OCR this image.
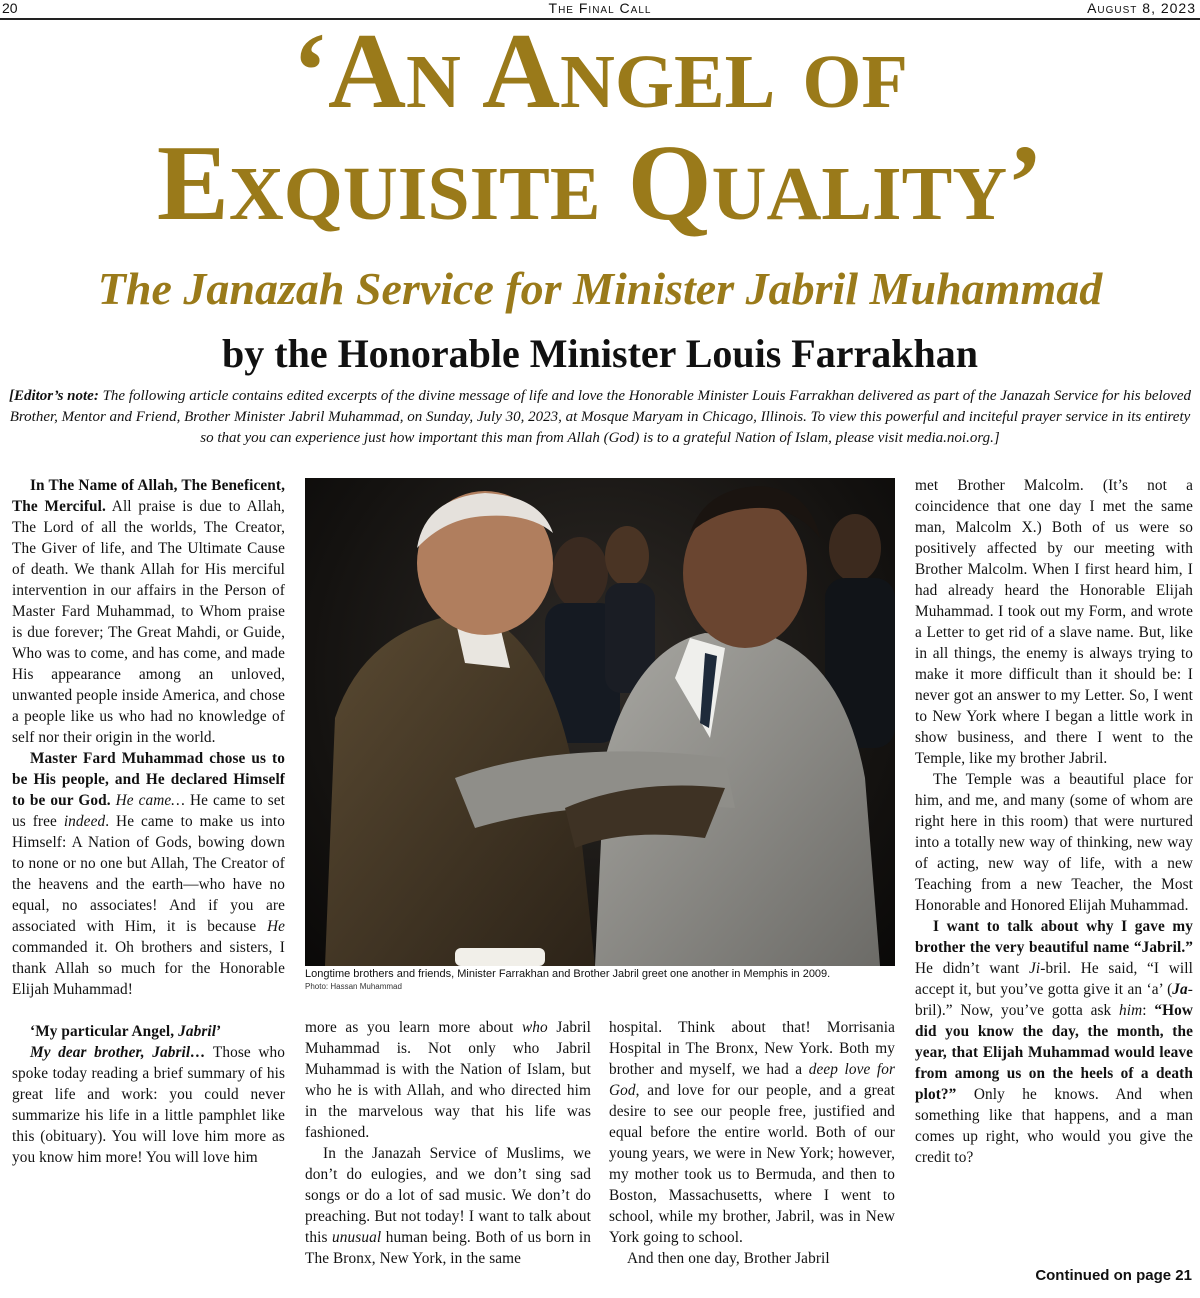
20	The Final Call	August 8, 2023
‘An Angel of
Exquisite Quality’
The Janazah Service for Minister Jabril Muhammad
by the Honorable Minister Louis Farrakhan
[Editor’s note: The following article contains edited excerpts of the divine message of life and love the Honorable Minister Louis Farrakhan delivered as part of the Janazah Service for his beloved Brother, Mentor and Friend, Brother Minister Jabril Muhammad, on Sunday, July 30, 2023, at Mosque Maryam in Chicago, Illinois. To view this powerful and inciteful prayer service in its entirety so that you can experience just how important this man from Allah (God) is to a grateful Nation of Islam, please visit media.noi.org.]

In The Name of Allah, The Beneficent, The Merciful. All praise is due to Allah, The Lord of all the worlds, The Creator, The Giver of life, and The Ultimate Cause of death. We thank Allah for His merciful intervention in our affairs in the Person of Master Fard Muhammad, to Whom praise is due forever; The Great Mahdi, or Guide, Who was to come, and has come, and made His appearance among an unloved, unwanted people inside America, and chose a people like us who had no knowledge of self nor their origin in the world.

Master Fard Muhammad chose us to be His people, and He declared Himself to be our God. He came… He came to set us free indeed. He came to make us into Himself: A Nation of Gods, bowing down to none or no one but Allah, The Creator of the heavens and the earth—who have no equal, no associates! And if you are associated with Him, it is because He commanded it. Oh brothers and sisters, I thank Allah so much for the Honorable Elijah Muhammad!

‘My particular Angel, Jabril’

My dear brother, Jabril… Those who spoke today reading a brief summary of his great life and work: you could never summarize his life in a little pamphlet like this (obituary). You will love him more as you know him more! You will love him

Longtime brothers and friends, Minister Farrakhan and Brother Jabril greet one another in Memphis in 2009.
Photo: Hassan Muhammad

more as you learn more about who Jabril Muhammad is. Not only who Jabril Muhammad is with the Nation of Islam, but who he is with Allah, and who directed him in the marvelous way that his life was fashioned.

In the Janazah Service of Muslims, we don’t do eulogies, and we don’t sing sad songs or do a lot of sad music. We don’t do preaching. But not today! I want to talk about this unusual human being. Both of us born in The Bronx, New York, in the same

hospital. Think about that! Morrisania Hospital in The Bronx, New York. Both my brother and myself, we had a deep love for God, and love for our people, and a great desire to see our people free, justified and equal before the entire world. Both of our young years, we were in New York; however, my mother took us to Bermuda, and then to Boston, Massachusetts, where I went to school, while my brother, Jabril, was in New York going to school.

And then one day, Brother Jabril

met Brother Malcolm. (It’s not a coincidence that one day I met the same man, Malcolm X.) Both of us were so positively affected by our meeting with Brother Malcolm. When I first heard him, I had already heard the Honorable Elijah Muhammad. I took out my Form, and wrote a Letter to get rid of a slave name. But, like in all things, the enemy is always trying to make it more difficult than it should be: I never got an answer to my Letter. So, I went to New York where I began a little work in show business, and there I went to the Temple, like my brother Jabril.

The Temple was a beautiful place for him, and me, and many (some of whom are right here in this room) that were nurtured into a totally new way of thinking, new way of acting, new way of life, with a new Teaching from a new Teacher, the Most Honorable and Honored Elijah Muhammad.

I want to talk about why I gave my brother the very beautiful name “Jabril.” He didn’t want Ji-bril. He said, “I will accept it, but you’ve gotta give it an ‘a’ (Ja-bril).” Now, you’ve gotta ask him: “How did you know the day, the month, the year, that Elijah Muhammad would leave from among us on the heels of a death plot?” Only he knows. And when something like that happens, and a man comes up right, who would you give the credit to?

Continued on page 21
